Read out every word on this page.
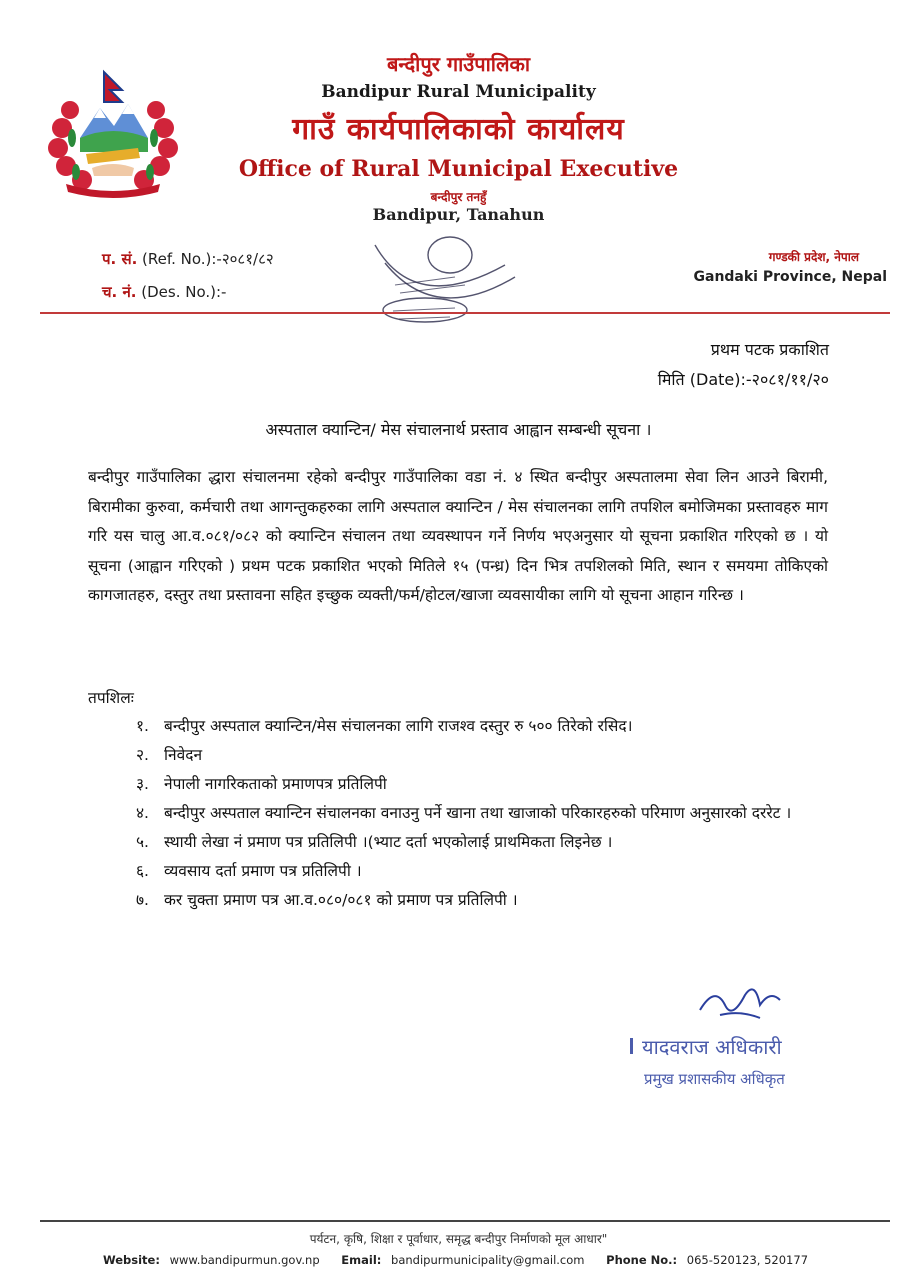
बन्दीपुर गाउँपालिका
Bandipur Rural Municipality
गाउँ कार्यपालिकाको कार्यालय
Office of Rural Municipal Executive
बन्दीपुर तनहुँ
Bandipur, Tanahun
प. सं. (Ref. No.):-२०८१/८२
च. नं. (Des. No.):-
गण्डकी प्रदेश, नेपाल
Gandaki Province, Nepal
प्रथम पटक प्रकाशित
मिति (Date):-२०८१/११/२०
अस्पताल क्यान्टिन/ मेस संचालनार्थ प्रस्ताव आह्वान सम्बन्धी सूचना ।
बन्दीपुर गाउँपालिका द्धारा संचालनमा रहेको बन्दीपुर गाउँपालिका वडा नं. ४ स्थित बन्दीपुर अस्पतालमा सेवा लिन आउने बिरामी, बिरामीका कुरुवा, कर्मचारी तथा आगन्तुकहरुका लागि अस्पताल क्यान्टिन / मेस संचालनका लागि तपशिल बमोजिमका प्रस्तावहरु माग गरि यस चालु आ.व.०८१/०८२ को क्यान्टिन संचालन तथा व्यवस्थापन गर्ने निर्णय भएअनुसार यो सूचना प्रकाशित गरिएको छ । यो सूचना (आह्वान गरिएको ) प्रथम पटक प्रकाशित भएको मितिले १५ (पन्ध्र) दिन भित्र तपशिलको मिति, स्थान र समयमा तोकिएको कागजातहरु, दस्तुर तथा प्रस्तावना सहित इच्छुक व्यक्ती/फर्म/होटल/खाजा व्यवसायीका लागि यो सूचना आहान गरिन्छ ।
तपशिलः
१. बन्दीपुर अस्पताल क्यान्टिन/मेस संचालनका लागि राजश्व दस्तुर रु ५०० तिरेको रसिद।
२. निवेदन
३. नेपाली नागरिकताको प्रमाणपत्र प्रतिलिपी
४. बन्दीपुर अस्पताल क्यान्टिन संचालनका वनाउनु पर्ने खाना तथा खाजाको परिकारहरुको परिमाण अनुसारको दररेट ।
५. स्थायी लेखा नं प्रमाण पत्र प्रतिलिपी ।(भ्याट दर्ता भएकोलाई प्राथमिकता लिइनेछ ।
६. व्यवसाय दर्ता प्रमाण पत्र प्रतिलिपी ।
७. कर चुक्ता प्रमाण पत्र आ.व.०८०/०८१ को प्रमाण पत्र प्रतिलिपी ।
यादवराज अधिकारी
प्रमुख प्रशासकीय अधिकृत
पर्यटन, कृषि, शिक्षा र पूर्वाधार, समृद्ध बन्दीपुर निर्माणको मूल आधार"
Website: www.bandipurmun.gov.np Email: bandipurmunicipality@gmail.com Phone No.: 065-520123, 520177
